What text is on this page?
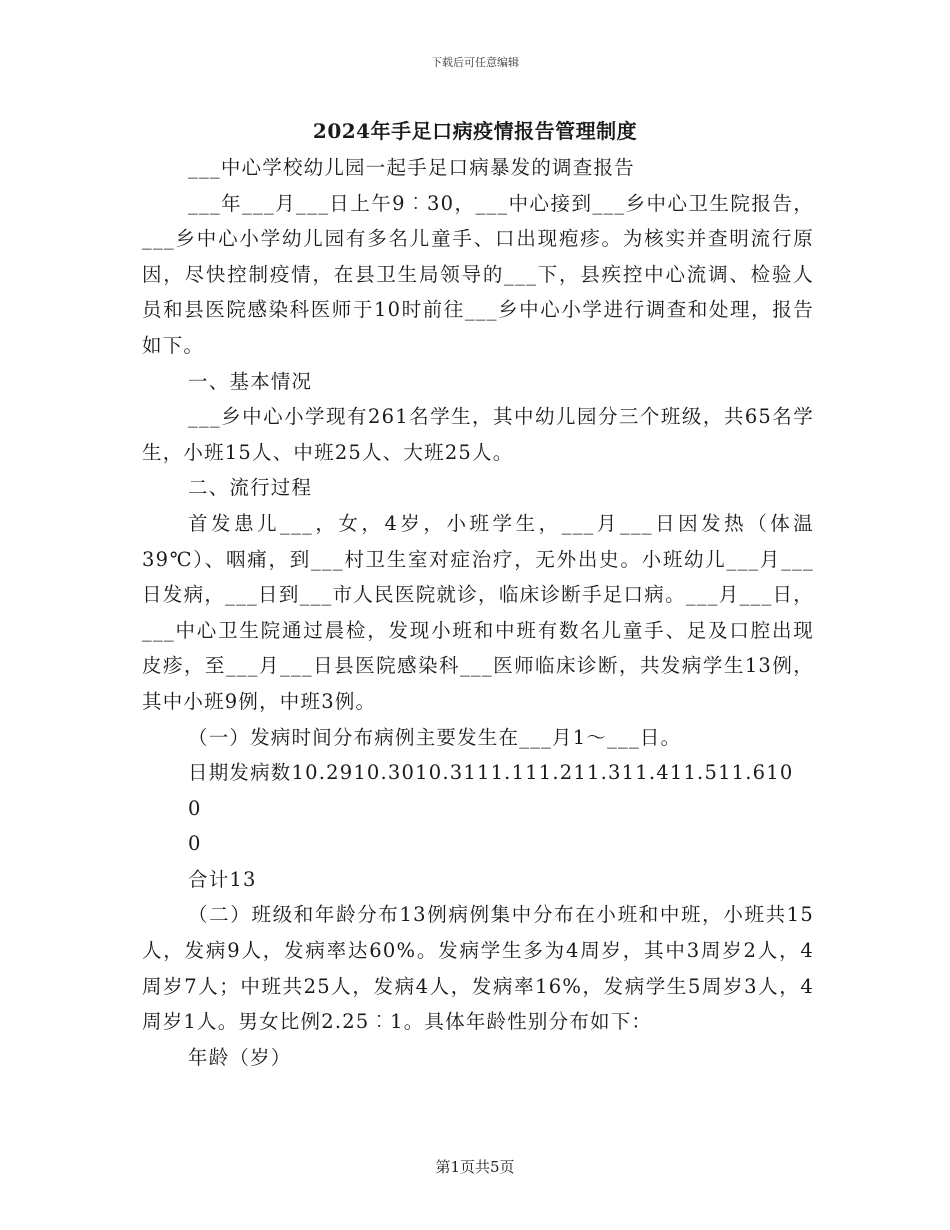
下载后可任意编辑
2024年手足口病疫情报告管理制度

___中心学校幼儿园一起手足口病暴发的调查报告

___年___月___日上午9︰30，___中心接到___乡中心卫生院报告，___乡中心小学幼儿园有多名儿童手、口出现疱疹。为核实并查明流行原因，尽快控制疫情，在县卫生局领导的___下，县疾控中心流调、检验人员和县医院感染科医师于10时前往___乡中心小学进行调查和处理，报告如下。

一、基本情况

___乡中心小学现有261名学生，其中幼儿园分三个班级，共65名学生，小班15人、中班25人、大班25人。

二、流行过程

首发患儿___，女，4岁，小班学生，___月___日因发热（体温39℃）、咽痛，到___村卫生室对症治疗，无外出史。小班幼儿___月___日发病，___日到___市人民医院就诊，临床诊断手足口病。___月___日，___中心卫生院通过晨检，发现小班和中班有数名儿童手、足及口腔出现皮疹，至___月___日县医院感染科___医师临床诊断，共发病学生13例，其中小班9例，中班3例。

（一）发病时间分布病例主要发生在___月1～___日。

日期发病数10.2910.3010.3111.111.211.311.411.511.610

0

0

合计13

（二）班级和年龄分布13例病例集中分布在小班和中班，小班共15人，发病9人，发病率达60%。发病学生多为4周岁，其中3周岁2人，4周岁7人；中班共25人，发病4人，发病率16%，发病学生5周岁3人，4周岁1人。男女比例2.25︰1。具体年龄性别分布如下：

年龄（岁）

第1页共5页
